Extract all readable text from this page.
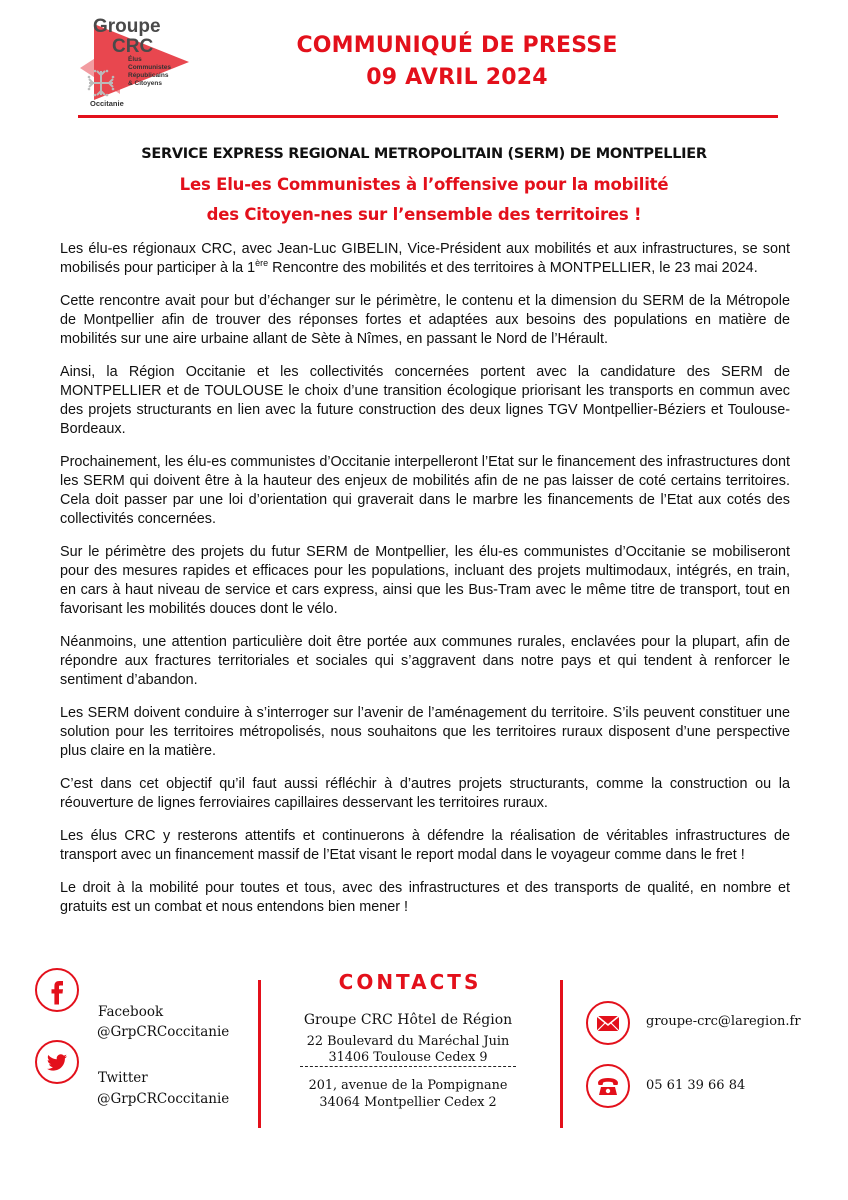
Groupe
CRC
Élus
Communistes
Républicains
& Citoyens
Occitanie
COMMUNIQUÉ DE PRESSE
09 AVRIL 2024
SERVICE EXPRESS REGIONAL METROPOLITAIN (SERM) DE MONTPELLIER
Les Elu-es Communistes à l’offensive pour la mobilité
des Citoyen-nes sur l’ensemble des territoires !

Les élu-es régionaux CRC, avec Jean-Luc GIBELIN, Vice-Président aux mobilités et aux infrastructures, se sont mobilisés pour participer à la 1ère Rencontre des mobilités et des territoires à MONTPELLIER, le 23 mai 2024.

Cette rencontre avait pour but d’échanger sur le périmètre, le contenu et la dimension du SERM de la Métropole de Montpellier afin de trouver des réponses fortes et adaptées aux besoins des populations en matière de mobilités sur une aire urbaine allant de Sète à Nîmes, en passant le Nord de l’Hérault.

Ainsi, la Région Occitanie et les collectivités concernées portent avec la candidature des SERM de MONTPELLIER et de TOULOUSE le choix d’une transition écologique priorisant les transports en commun avec des projets structurants en lien avec la future construction des deux lignes TGV Montpellier-Béziers et Toulouse-Bordeaux.

Prochainement, les élu-es communistes d’Occitanie interpelleront l’Etat sur le financement des infrastructures dont les SERM qui doivent être à la hauteur des enjeux de mobilités afin de ne pas laisser de coté certains territoires. Cela doit passer par une loi d’orientation qui graverait dans le marbre les financements de l’Etat aux cotés des collectivités concernées.

Sur le périmètre des projets du futur SERM de Montpellier, les élu-es communistes d’Occitanie se mobiliseront pour des mesures rapides et efficaces pour les populations, incluant des projets multimodaux, intégrés, en train, en cars à haut niveau de service et cars express, ainsi que les Bus-Tram avec le même titre de transport, tout en favorisant les mobilités douces dont le vélo.

Néanmoins, une attention particulière doit être portée aux communes rurales, enclavées pour la plupart, afin de répondre aux fractures territoriales et sociales qui s’aggravent dans notre pays et qui tendent à renforcer le sentiment d’abandon.

Les SERM doivent conduire à s’interroger sur l’avenir de l’aménagement du territoire. S’ils peuvent constituer une solution pour les territoires métropolisés, nous souhaitons que les territoires ruraux disposent d’une perspective plus claire en la matière.

C’est dans cet objectif qu’il faut aussi réfléchir à d’autres projets structurants, comme la construction ou la réouverture de lignes ferroviaires capillaires desservant les territoires ruraux.

Les élus CRC y resterons attentifs et continuerons à défendre la réalisation de véritables infrastructures de transport avec un financement massif de l’Etat visant le report modal dans le voyageur comme dans le fret !

Le droit à la mobilité pour toutes et tous, avec des infrastructures et des transports de qualité, en nombre et gratuits est un combat et nous entendons bien mener !

Facebook
@GrpCRCoccitanie
Twitter
@GrpCRCoccitanie
CONTACTS
Groupe CRC Hôtel de Région
22 Boulevard du Maréchal Juin
31406 Toulouse Cedex 9
201, avenue de la Pompignane
34064 Montpellier Cedex 2
groupe-crc@laregion.fr
05 61 39 66 84
